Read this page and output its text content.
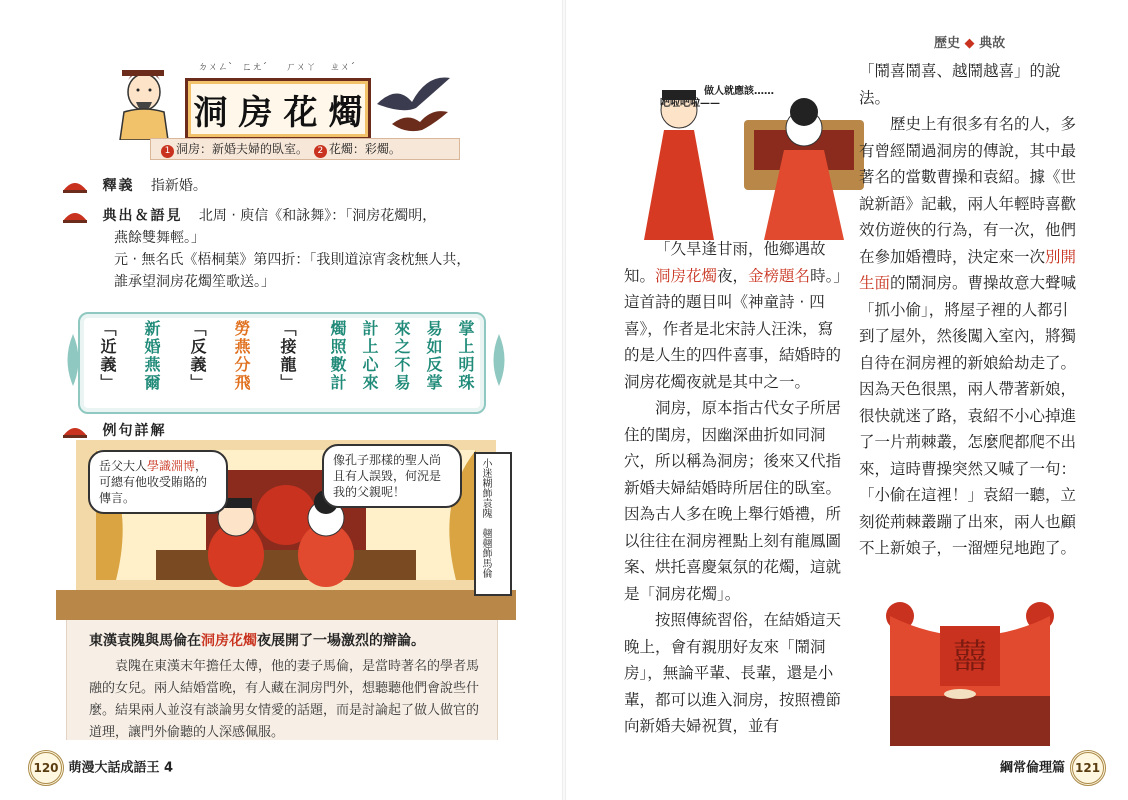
ㄉㄨㄥˋ ㄈㄤˊ ㄏㄨㄚ ㄓㄨˊ
洞 房 花 燭
1 洞房：新婚夫婦的臥室。 2 花燭：彩燭。
釋義 指新婚。
典出＆語見 北周 ‧ 庾信《和詠舞》：「洞房花燭明，
燕餘雙舞輕。」
元 ‧ 無名氏《梧桐葉》第四折：「我則道涼宵衾枕無人共，
誰承望洞房花燭笙歌送。」
「近義」 新婚燕爾 「反義」 勞燕分飛 「接龍」 燭照數計 計上心來 來之不易 易如反掌 掌上明珠
例句詳解
岳父大人學識淵博，可總有他收受賄賂的傳言。
像孔子那樣的聖人尚且有人誤毀，何況是我的父親呢！	小迷糊飾袁隗　翹翹飾馬倫
東漢袁隗與馬倫在洞房花燭夜展開了一場激烈的辯論。
袁隗在東漢末年擔任太傅，他的妻子馬倫，是當時著名的學者馬融的女兒。兩人結婚當晚，有人藏在洞房門外，想聽聽他們會說些什麼。結果兩人並沒有談論男女情愛的話題，而是討論起了做人做官的道理，讓門外偷聽的人深感佩服。
120 萌漫大話成語王 4
歷史 ◆ 典故
做人就應該……
吧啦吧啦——

「久旱逢甘雨，他鄉遇故知。洞房花燭夜，金榜題名時。」這首詩的題目叫《神童詩 ‧ 四喜》，作者是北宋詩人汪洙，寫的是人生的四件喜事，結婚時的洞房花燭夜就是其中之一。

洞房，原本指古代女子所居住的閨房，因幽深曲折如同洞穴，所以稱為洞房；後來又代指新婚夫婦結婚時所居住的臥室。因為古人多在晚上舉行婚禮，所以往往在洞房裡點上刻有龍鳳圖案、烘托喜慶氣氛的花燭，這就是「洞房花燭」。

按照傳統習俗，在結婚這天晚上，會有親朋好友來「鬧洞房」，無論平輩、長輩，還是小輩，都可以進入洞房，按照禮節向新婚夫婦祝賀，並有

「鬧喜鬧喜、越鬧越喜」的說法。

歷史上有很多有名的人，多有曾經鬧過洞房的傳說，其中最著名的當數曹操和袁紹。據《世說新語》記載，兩人年輕時喜歡效仿遊俠的行為，有一次，他們在參加婚禮時，決定來一次別開生面的鬧洞房。曹操故意大聲喊「抓小偷」，將屋子裡的人都引到了屋外，然後闖入室內，將獨自待在洞房裡的新娘給劫走了。因為天色很黑，兩人帶著新娘，很快就迷了路，袁紹不小心掉進了一片荊棘叢，怎麼爬都爬不出來，這時曹操突然又喊了一句：「小偷在這裡！」袁紹一聽，立刻從荊棘叢蹦了出來，兩人也顧不上新娘子，一溜煙兒地跑了。

囍
綱常倫理篇 121
